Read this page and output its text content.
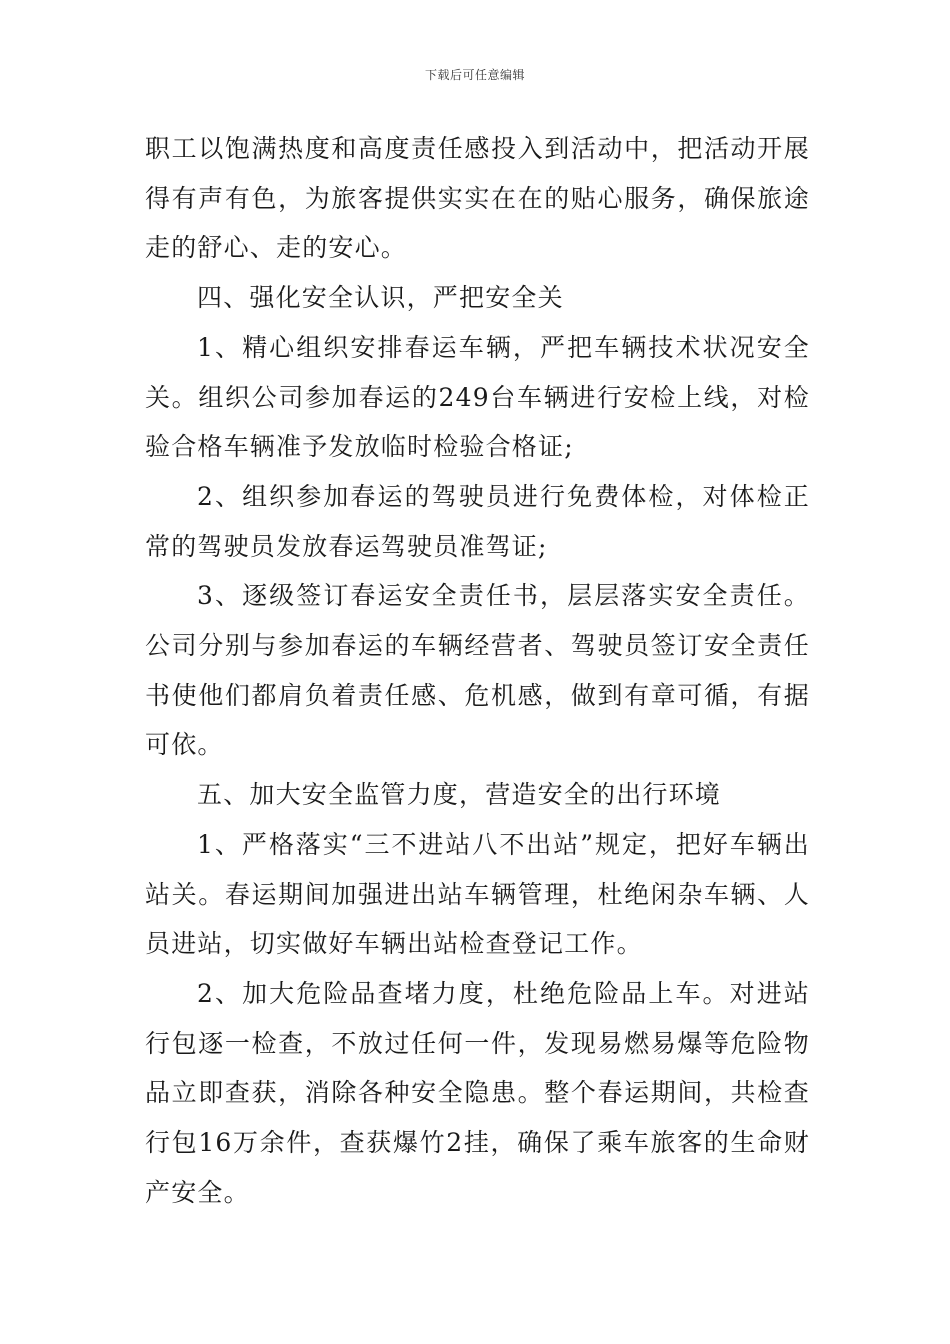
下载后可任意编辑

职工以饱满热度和高度责任感投入到活动中，把活动开展得有声有色，为旅客提供实实在在的贴心服务，确保旅途走的舒心、走的安心。

四、强化安全认识，严把安全关

1、精心组织安排春运车辆，严把车辆技术状况安全关。组织公司参加春运的249台车辆进行安检上线，对检验合格车辆准予发放临时检验合格证;

2、组织参加春运的驾驶员进行免费体检，对体检正常的驾驶员发放春运驾驶员准驾证;

3、逐级签订春运安全责任书，层层落实安全责任。公司分别与参加春运的车辆经营者、驾驶员签订安全责任书使他们都肩负着责任感、危机感，做到有章可循，有据可依。

五、加大安全监管力度，营造安全的出行环境

1、严格落实“三不进站八不出站”规定，把好车辆出站关。春运期间加强进出站车辆管理，杜绝闲杂车辆、人员进站，切实做好车辆出站检查登记工作。

2、加大危险品查堵力度，杜绝危险品上车。对进站行包逐一检查，不放过任何一件，发现易燃易爆等危险物品立即查获，消除各种安全隐患。整个春运期间，共检查行包16万余件，查获爆竹2挂，确保了乘车旅客的生命财产安全。
